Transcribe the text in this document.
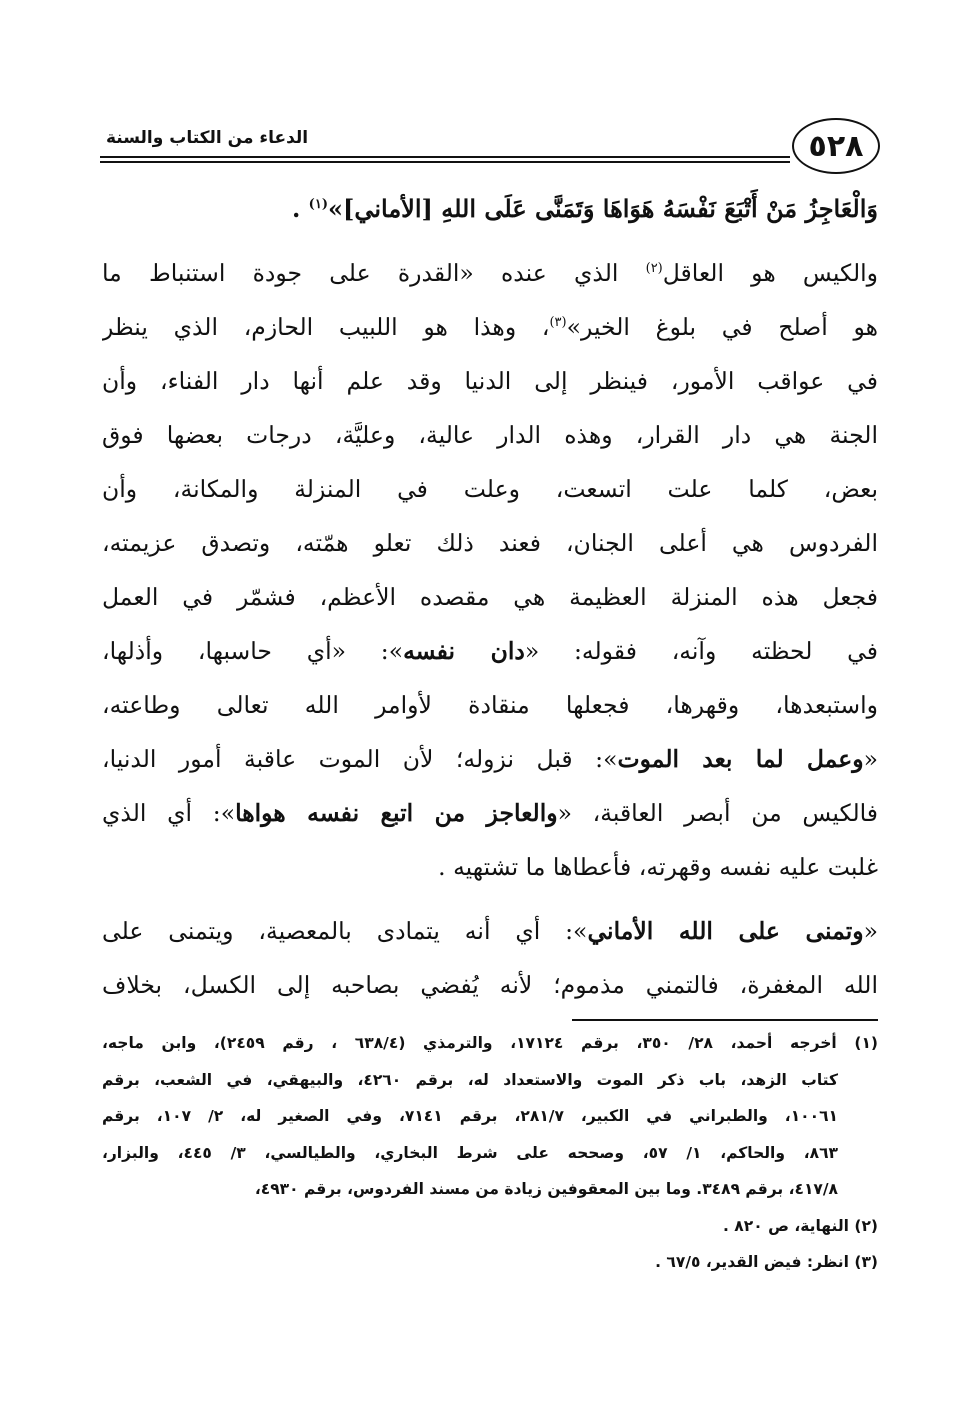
الدعاء من الكتاب والسنة	٥٢٨
وَالْعَاجِزُ مَنْ أَتْبَعَ نَفْسَهُ هَوَاهَا وَتَمَنَّى عَلَى اللهِ [الأماني]»$^{(١)}$ .
والكيس هو العاقل$^{(٢)}$ الذي عنده «القدرة على جودة استنباط ما
هو أصلح في بلوغ الخير»$^{(٣)}$، وهذا هو اللبيب الحازم، الذي ينظر
في عواقب الأمور، فينظر إلى الدنيا وقد علم أنها دار الفناء، وأن
الجنة هي دار القرار، وهذه الدار عالية، وعليَّة، درجات بعضها فوق
بعض، كلما علت اتسعت، وعلت في المنزلة والمكانة، وأن
الفردوس هي أعلى الجنان، فعند ذلك تعلو همّته، وتصدق عزيمته،
فجعل هذه المنزلة العظيمة هي مقصده الأعظم، فشمّر في العمل
في لحظته وآنه، فقوله: «دان نفسه»: «أي حاسبها، وأذلها،
واستبعدها، وقهرها، فجعلها منقادة لأوامر الله تعالى وطاعته،
«وعمل لما بعد الموت»: قبل نزوله؛ لأن الموت عاقبة أمور الدنيا،
فالكيس من أبصر العاقبة، «والعاجز من اتبع نفسه هواها»: أي الذي
غلبت عليه نفسه وقهرته، فأعطاها ما تشتهيه .
«وتمنى على الله الأماني»: أي أنه يتمادى بالمعصية، ويتمنى على
الله المغفرة، فالتمني مذموم؛ لأنه يُفضي بصاحبه إلى الكسل، بخلاف
(١) أخرجه أحمد، ٢٨/ ٣٥٠، برقم ١٧١٢٤، والترمذي (٦٣٨/٤ ، رقم ٢٤٥٩)، وابن ماجه،
كتاب الزهد، باب ذكر الموت والاستعداد له، برقم ٤٢٦٠، والبيهقي، في الشعب، برقم
١٠٠٦١، والطبراني في الكبير، ٢٨١/٧، برقم ٧١٤١، وفي الصغير له، ٢/ ١٠٧، برقم
٨٦٣، والحاكم، ١/ ٥٧، وصححه على شرط البخاري، والطيالسي، ٣/ ٤٤٥، والبزار،
٤١٧/٨، برقم ٣٤٨٩. وما بين المعقوفين زيادة من مسند الفردوس، برقم ٤٩٣٠،
(٢) النهاية، ص ٨٢٠ .
(٣) انظر: فيض القدير، ٦٧/٥ .
